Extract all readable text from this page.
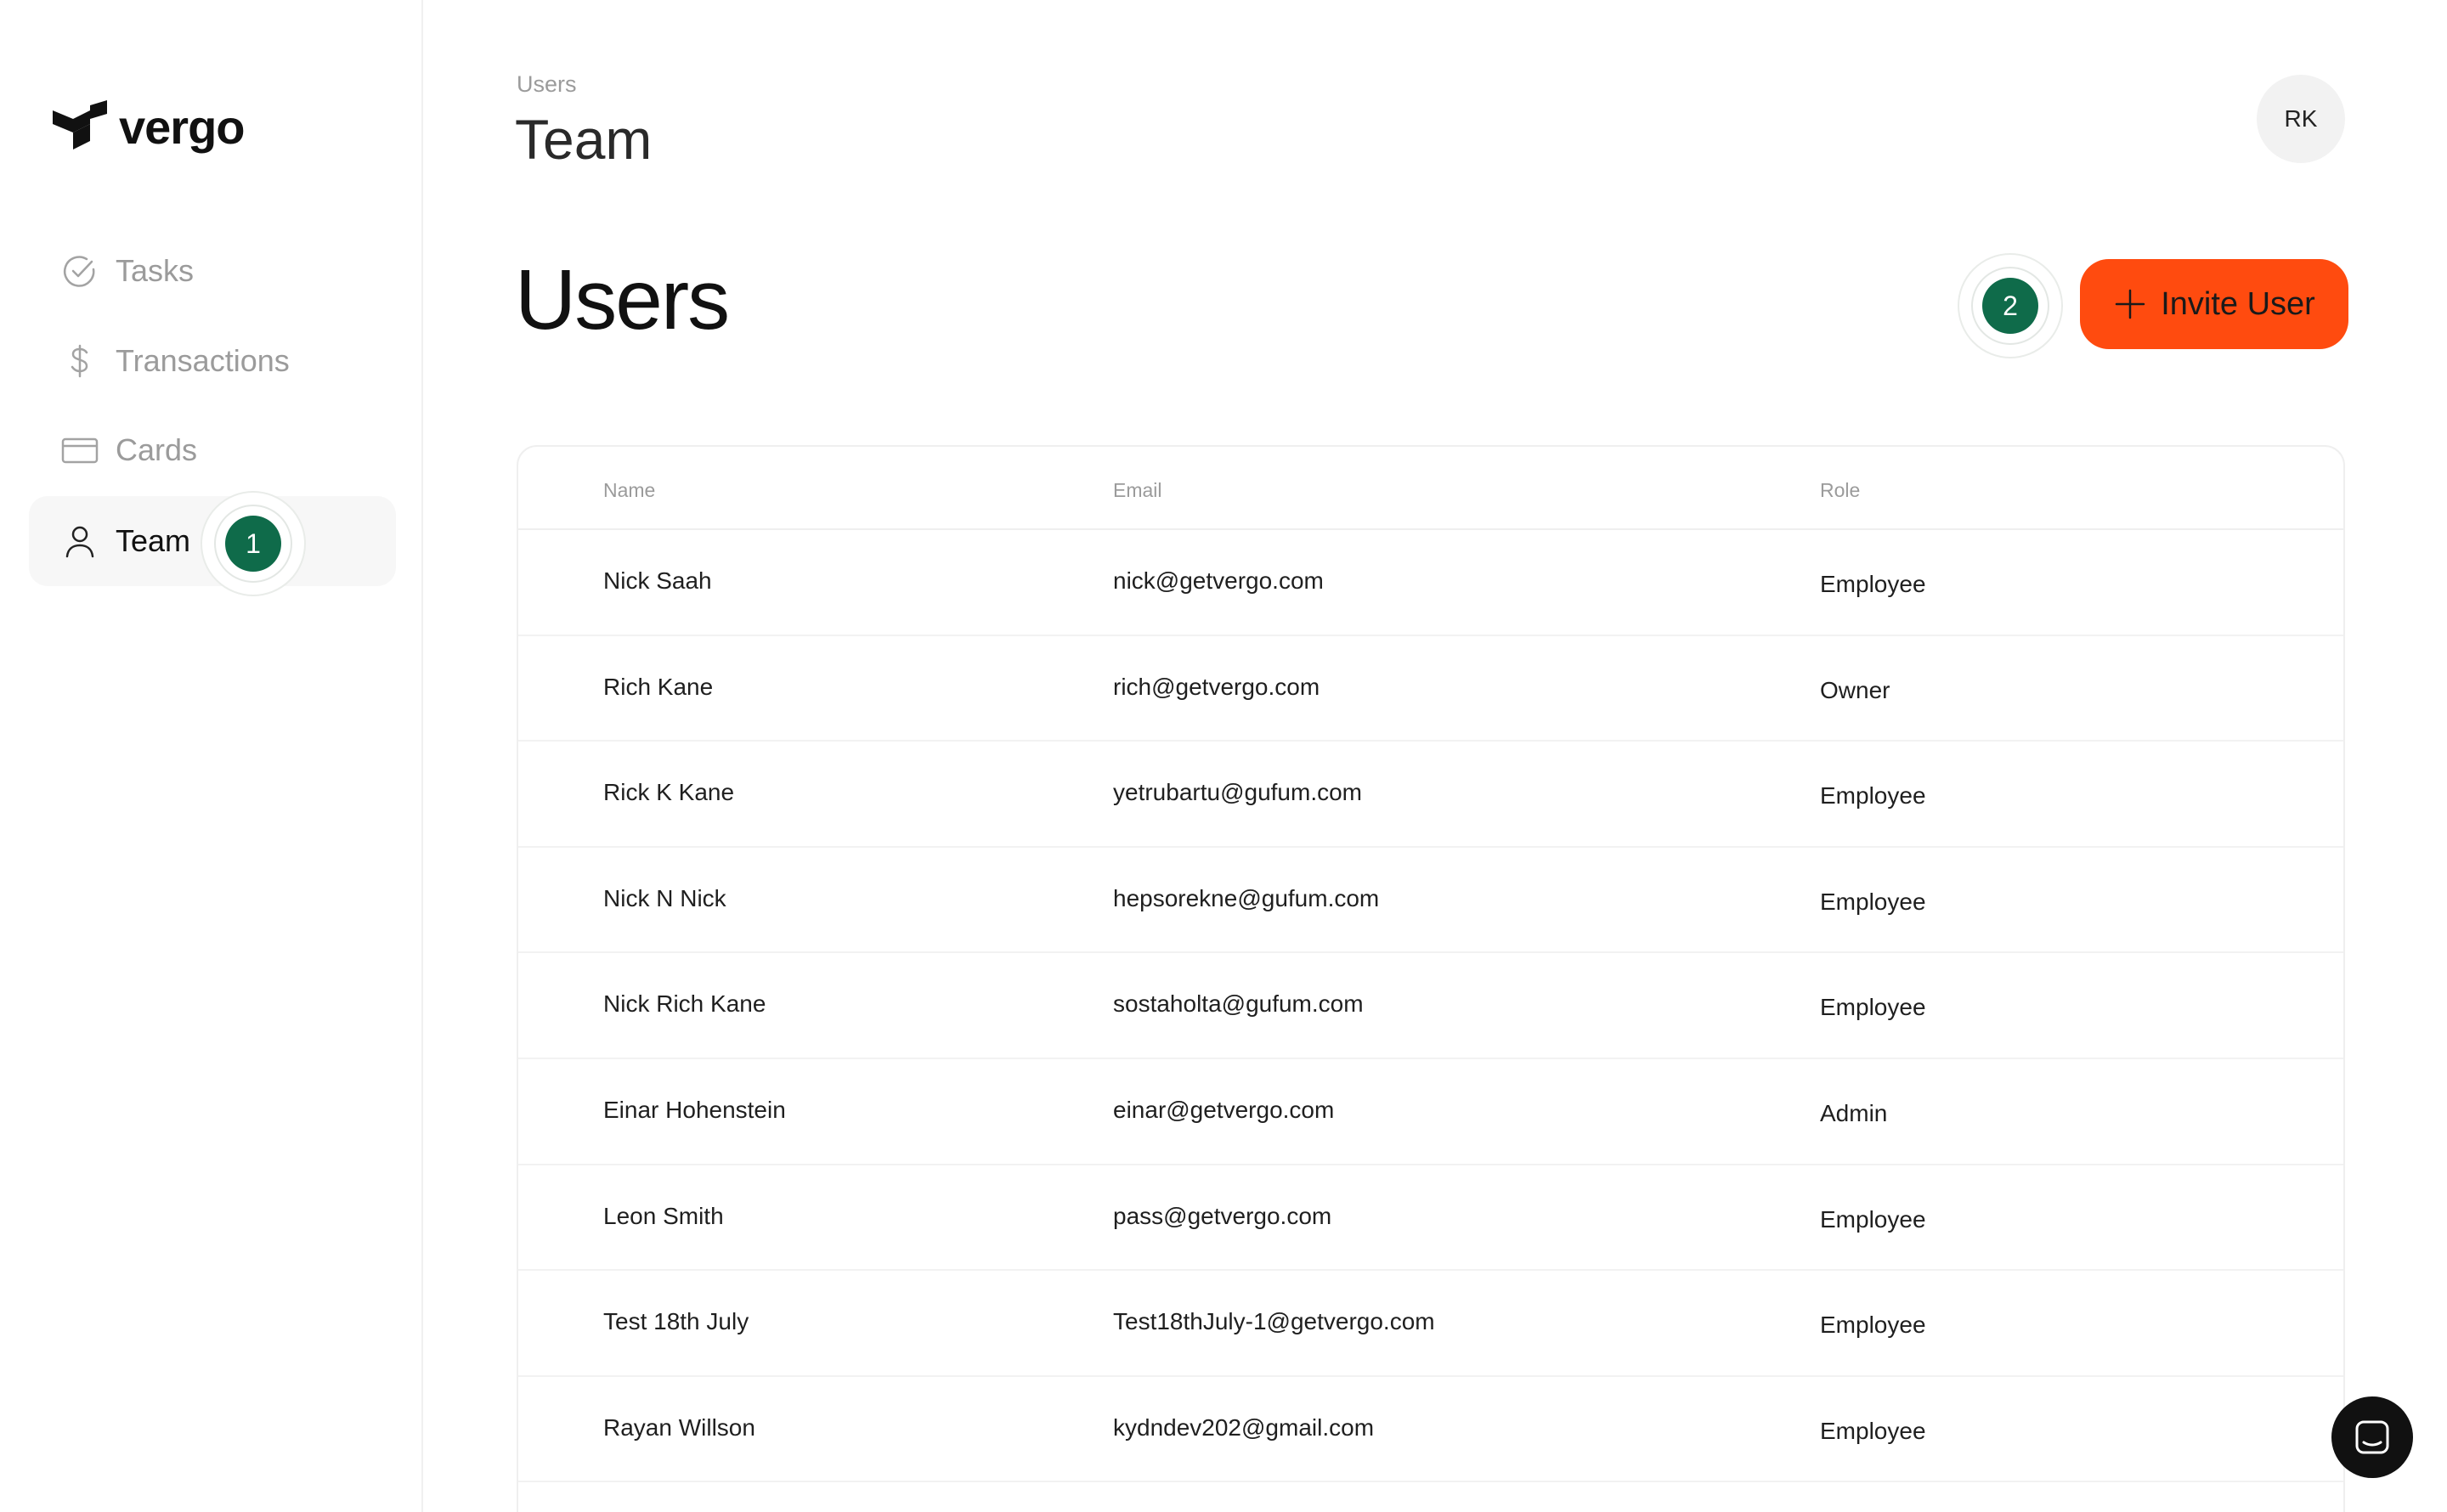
vergo
Tasks
Transactions
Cards
Team	1
Users
Team	RK
Users	2	Invite User
Name	Email	Role
Nick Saah	nick@getvergo.com	Employee
Rich Kane	rich@getvergo.com	Owner
Rick K Kane	yetrubartu@gufum.com	Employee
Nick N Nick	hepsorekne@gufum.com	Employee
Nick Rich Kane	sostaholta@gufum.com	Employee
Einar Hohenstein	einar@getvergo.com	Admin
Leon Smith	pass@getvergo.com	Employee
Test 18th July	Test18thJuly-1@getvergo.com	Employee
Rayan Willson	kydndev202@gmail.com	Employee
